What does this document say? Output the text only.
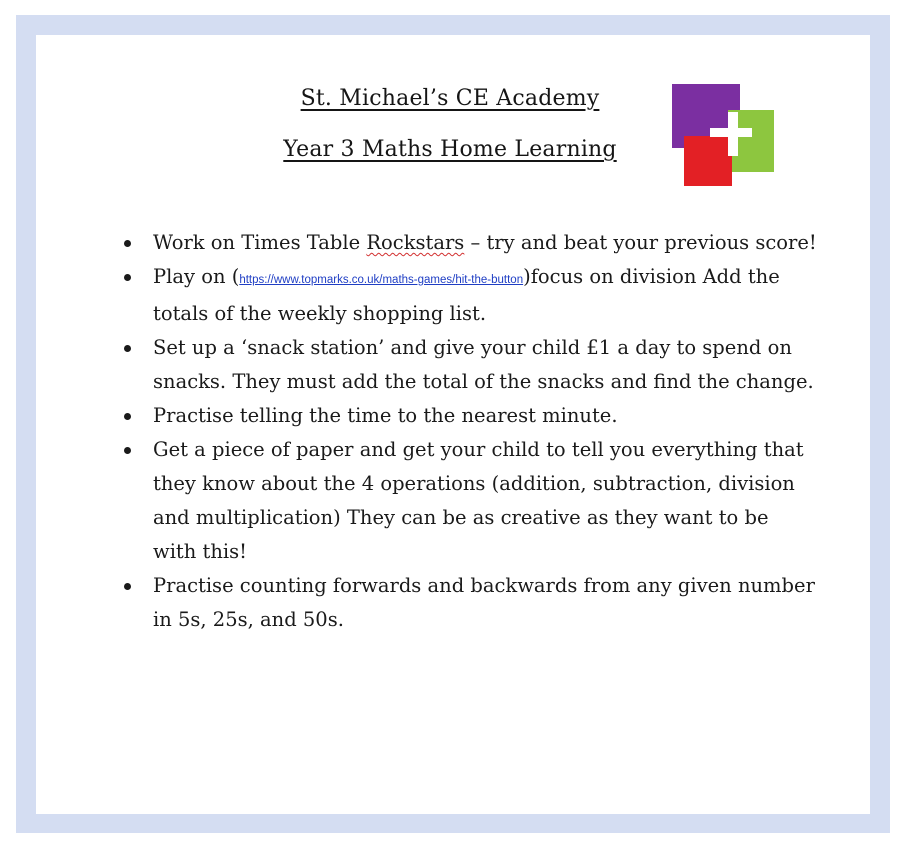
St. Michael’s CE Academy
Year 3 Maths Home Learning
Work on Times Table Rockstars – try and beat your previous score!
Play on (https://www.topmarks.co.uk/maths-games/hit-the-button)focus on division Add the totals of the weekly shopping list.
Set up a ‘snack station’ and give your child £1 a day to spend on snacks. They must add the total of the snacks and find the change.
Practise telling the time to the nearest minute.
Get a piece of paper and get your child to tell you everything that they know about the 4 operations (addition, subtraction, division and multiplication) They can be as creative as they want to be with this!
Practise counting forwards and backwards from any given number in 5s, 25s, and 50s.
